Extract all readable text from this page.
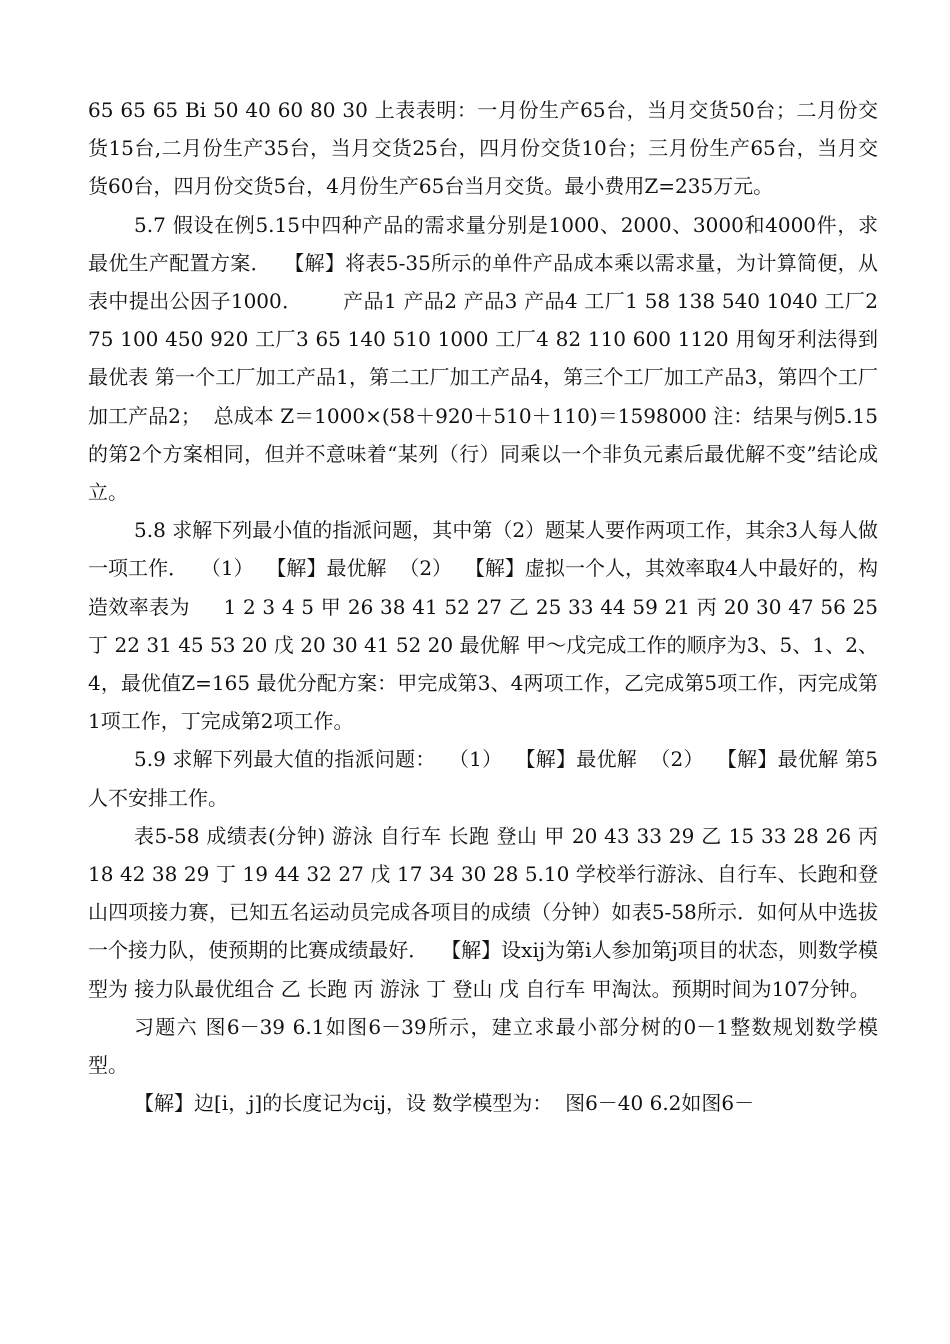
65 65 65 Bi 50 40 60 80 30 上表表明：一月份生产65台，当月交货50台；二月份交货15台,二月份生产35台，当月交货25台，四月份交货10台；三月份生产65台，当月交货60台，四月份交货5台，4月份生产65台当月交货。最小费用Z=235万元。

5.7 假设在例5.15中四种产品的需求量分别是1000、2000、3000和4000件，求最优生产配置方案．  【解】将表5-35所示的单件产品成本乘以需求量，为计算简便，从表中提出公因子1000．      产品1 产品2 产品3 产品4 工厂1 58 138 540 1040 工厂2 75 100 450 920 工厂3 65 140 510 1000 工厂4 82 110 600 1120 用匈牙利法得到最优表 第一个工厂加工产品1，第二工厂加工产品4，第三个工厂加工产品3，第四个工厂加工产品2；  总成本 Z＝1000×(58＋920＋510＋110)＝1598000 注：结果与例5.15的第2个方案相同，但并不意味着“某列（行）同乘以一个非负元素后最优解不变”结论成立。

5.8 求解下列最小值的指派问题，其中第（2）题某人要作两项工作，其余3人每人做一项工作．  （1）  【解】最优解  （2）  【解】虚拟一个人，其效率取4人中最好的，构造效率表为     1 2 3 4 5 甲 26 38 41 52 27 乙 25 33 44 59 21 丙 20 30 47 56 25 丁 22 31 45 53 20 戊 20 30 41 52 20 最优解 甲～戊完成工作的顺序为3、5、1、2、4，最优值Z=165 最优分配方案：甲完成第3、4两项工作，乙完成第5项工作，丙完成第1项工作，丁完成第2项工作。

5.9 求解下列最大值的指派问题：  （1）  【解】最优解  （2）  【解】最优解 第5人不安排工作。

表5-58 成绩表(分钟) 游泳 自行车 长跑 登山 甲 20 43 33 29 乙 15 33 28 26 丙 18 42 38 29 丁 19 44 32 27 戊 17 34 30 28 5.10 学校举行游泳、自行车、长跑和登山四项接力赛，已知五名运动员完成各项目的成绩（分钟）如表5-58所示．如何从中选拔一个接力队，使预期的比赛成绩最好．  【解】设xij为第i人参加第j项目的状态，则数学模型为 接力队最优组合 乙 长跑 丙 游泳 丁 登山 戊 自行车 甲淘汰。预期时间为107分钟。

习题六 图6－39 6.1如图6－39所示，建立求最小部分树的0－1整数规划数学模型。

【解】边[i，j]的长度记为cij，设 数学模型为：  图6－40 6.2如图6－
